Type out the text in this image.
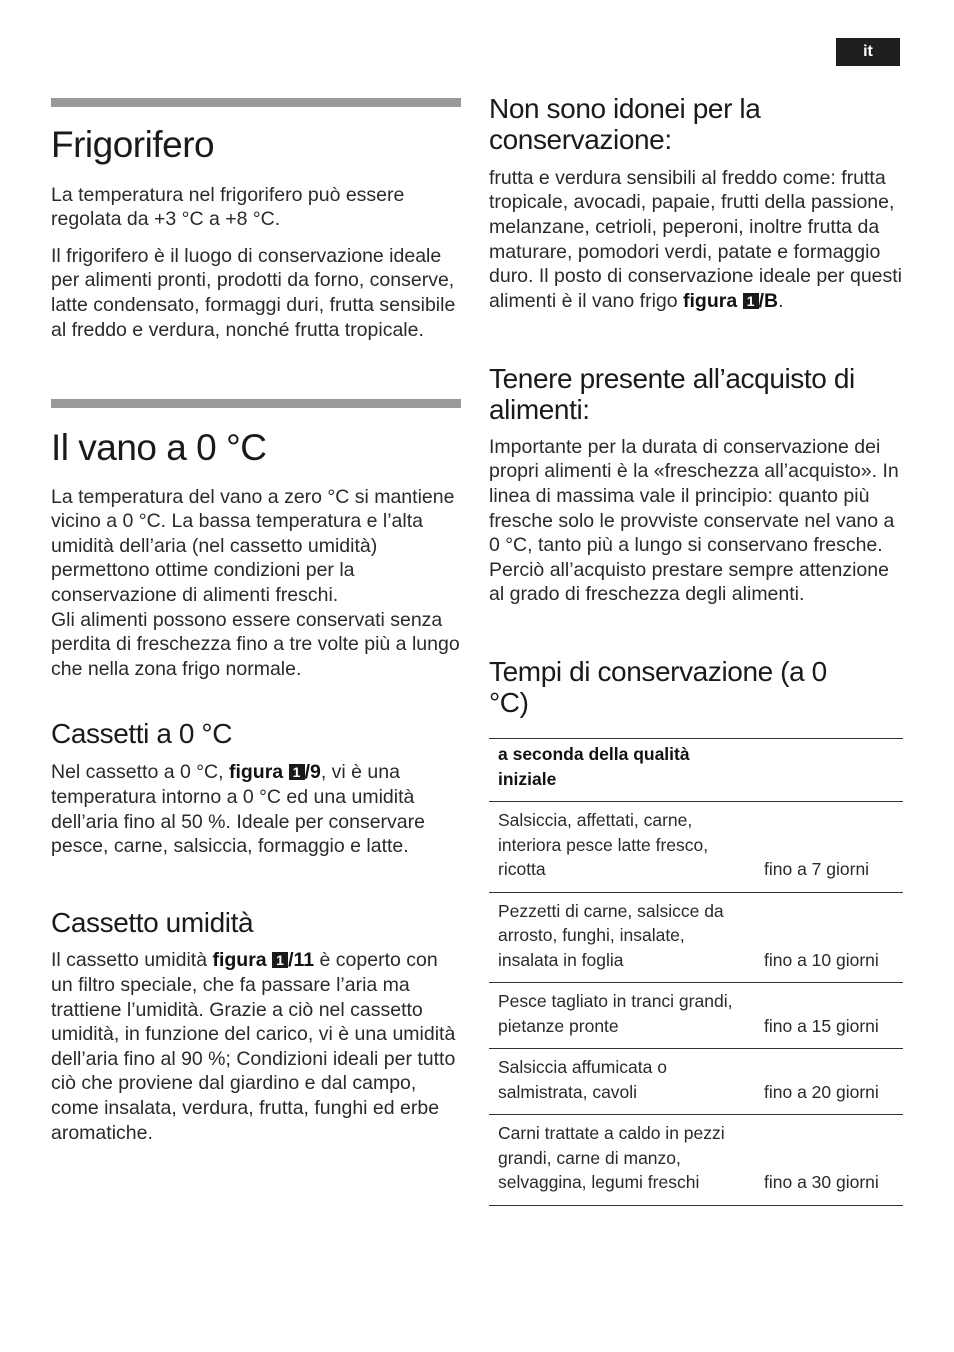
it
Frigorifero

La temperatura nel frigorifero può essere regolata da +3 °C a +8 °C.

Il frigorifero è il luogo di conservazione ideale per alimenti pronti, prodotti da forno, conserve, latte condensato, formaggi duri, frutta sensibile al freddo e verdura, nonché frutta tropicale.

Il vano a 0 °C

La temperatura del vano a zero °C si mantiene vicino a 0 °C. La bassa temperatura e l’alta umidità dell’aria (nel cassetto umidità) permettono ottime condizioni per la conservazione di alimenti freschi.

Gli alimenti possono essere conservati senza perdita di freschezza fino a tre volte più a lungo che nella zona frigo normale.

Cassetti a 0 °C

Nel cassetto a 0 °C, figura 1 /9, vi è una temperatura intorno a 0 °C ed una umidità dell’aria fino al 50 %. Ideale per conservare pesce, carne, salsiccia, formaggio e latte.

Cassetto umidità

Il cassetto umidità figura 1 /11 è coperto con un filtro speciale, che fa passare l’aria ma trattiene l’umidità. Grazie a ciò nel cassetto umidità, in funzione del carico, vi è una umidità dell’aria fino al 90 %; Condizioni ideali per tutto ciò che proviene dal giardino e dal campo, come insalata, verdura, frutta, funghi ed erbe aromatiche.

Non sono idonei per la conservazione:

frutta e verdura sensibili al freddo come: frutta tropicale, avocadi, papaie, frutti della passione, melanzane, cetrioli, peperoni, inoltre frutta da maturare, pomodori verdi, patate e formaggio duro. Il posto di conservazione ideale per questi alimenti è il vano frigo figura 1 /B.

Tenere presente all’acquisto di alimenti:

Importante per la durata di conservazione dei propri alimenti è la «freschezza all’acquisto». In linea di massima vale il principio: quanto più fresche solo le provviste conservate nel vano a 0 °C, tanto più a lungo si conservano fresche. Perciò all’acquisto prestare sempre attenzione al grado di freschezza degli alimenti.

Tempi di conservazione (a 0 °C)
a seconda della qualità iniziale	

Salsiccia, affettati, carne, interiora pesce latte fresco, ricotta	fino a 7 giorni
Pezzetti di carne, salsicce da arrosto, funghi, insalate, insalata in foglia	fino a 10 giorni
Pesce tagliato in tranci grandi, pietanze pronte	fino a 15 giorni
Salsiccia affumicata o salmistrata, cavoli	fino a 20 giorni
Carni trattate a caldo in pezzi grandi, carne di manzo, selvaggina, legumi freschi	fino a 30 giorni
